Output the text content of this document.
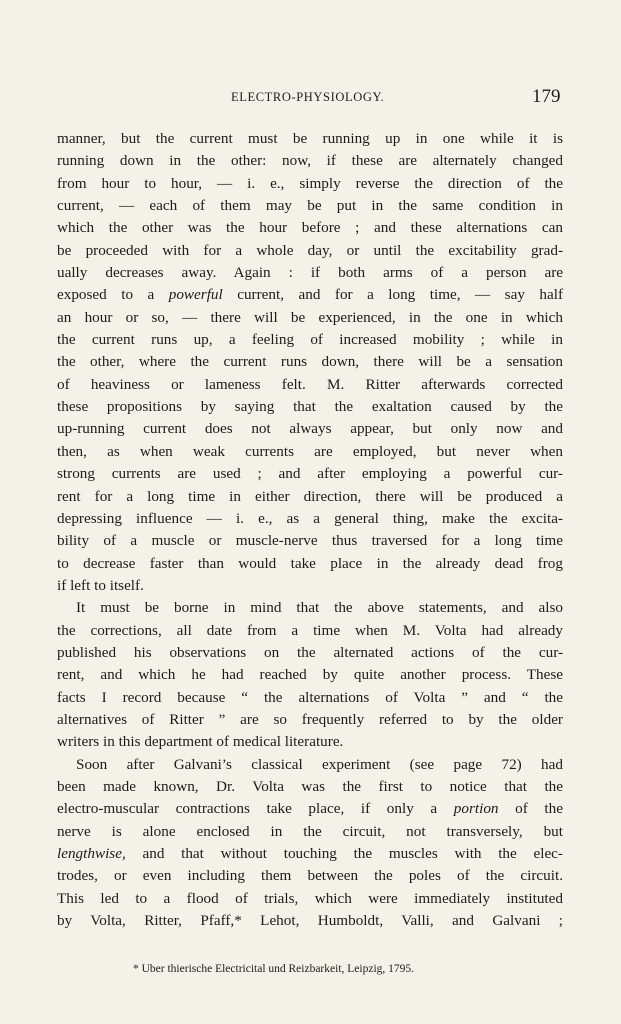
ELECTRO-PHYSIOLOGY.	179
manner, but the current must be running up in one while it is
running down in the other: now, if these are alternately changed
from hour to hour, — i. e., simply reverse the direction of the
current, — each of them may be put in the same condition in
which the other was the hour before ; and these alternations can
be proceeded with for a whole day, or until the excitability grad-
ually decreases away. Again : if both arms of a person are
exposed to a powerful current, and for a long time, — say half
an hour or so, — there will be experienced, in the one in which
the current runs up, a feeling of increased mobility ; while in
the other, where the current runs down, there will be a sensation
of heaviness or lameness felt. M. Ritter afterwards corrected
these propositions by saying that the exaltation caused by the
up-running current does not always appear, but only now and
then, as when weak currents are employed, but never when
strong currents are used ; and after employing a powerful cur-
rent for a long time in either direction, there will be produced a
depressing influence — i. e., as a general thing, make the excita-
bility of a muscle or muscle-nerve thus traversed for a long time
to decrease faster than would take place in the already dead frog
if left to itself.
It must be borne in mind that the above statements, and also
the corrections, all date from a time when M. Volta had already
published his observations on the alternated actions of the cur-
rent, and which he had reached by quite another process. These
facts I record because “ the alternations of Volta ” and “ the
alternatives of Ritter ” are so frequently referred to by the older
writers in this department of medical literature.
Soon after Galvani’s classical experiment (see page 72) had
been made known, Dr. Volta was the first to notice that the
electro-muscular contractions take place, if only a portion of the
nerve is alone enclosed in the circuit, not transversely, but
lengthwise, and that without touching the muscles with the elec-
trodes, or even including them between the poles of the circuit.
This led to a flood of trials, which were immediately instituted
by Volta, Ritter, Pfaff,* Lehot, Humboldt, Valli, and Galvani ;
* Uber thierische Electricital und Reizbarkeit, Leipzig, 1795.
